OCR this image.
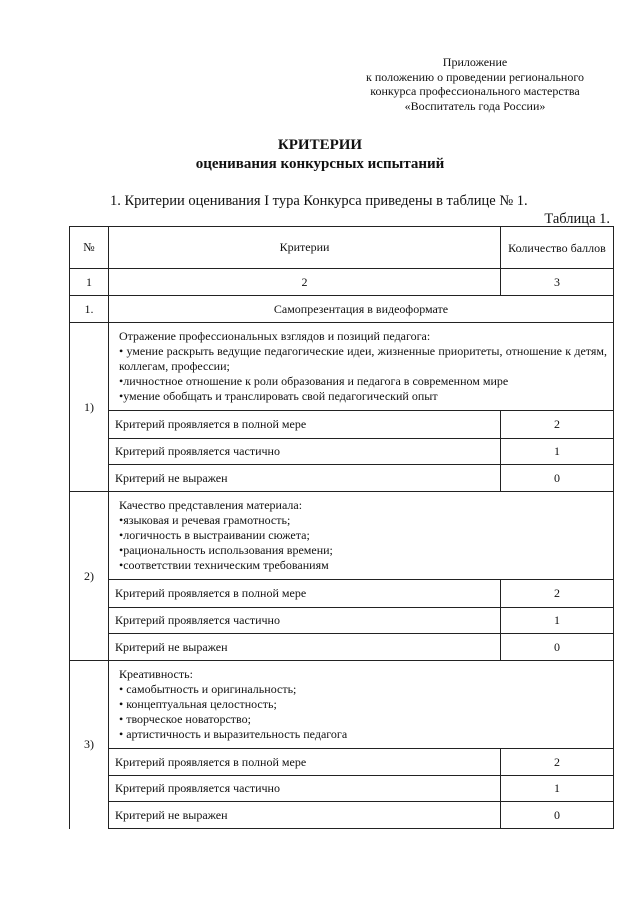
Приложение
к положению о проведении регионального
конкурса профессионального мастерства
«Воспитатель года России»
КРИТЕРИИ
оценивания конкурсных испытаний
1. Критерии оценивания I тура Конкурса приведены в таблице № 1.
Таблица 1.
№	Критерии	Количество баллов
1	2	3
1.	Самопрезентация в видеоформате	
1)	Отражение профессиональных взглядов и позиций педагога:
• умение раскрыть ведущие педагогические идеи, жизненные приоритеты, отношение к детям, коллегам, профессии;
•личностное отношение к роли образования и педагога в современном мире
•умение обобщать и транслировать свой педагогический опыт	

	Критерий проявляется в полной мере	2
	Критерий проявляется частично	1
	Критерий не выражен	0
2)	Качество представления материала:
•языковая и речевая грамотность;
•логичность в выстраивании сюжета;
•рациональность использования времени;
•соответствии техническим требованиям	

	Критерий проявляется в полной мере	2
	Критерий проявляется частично	1
	Критерий не выражен	0
3)	Креативность:
• самобытность и оригинальность;
• концептуальная целостность;
• творческое новаторство;
• артистичность и выразительность педагога	

	Критерий проявляется в полной мере	2
	Критерий проявляется частично	1
	Критерий не выражен	0
